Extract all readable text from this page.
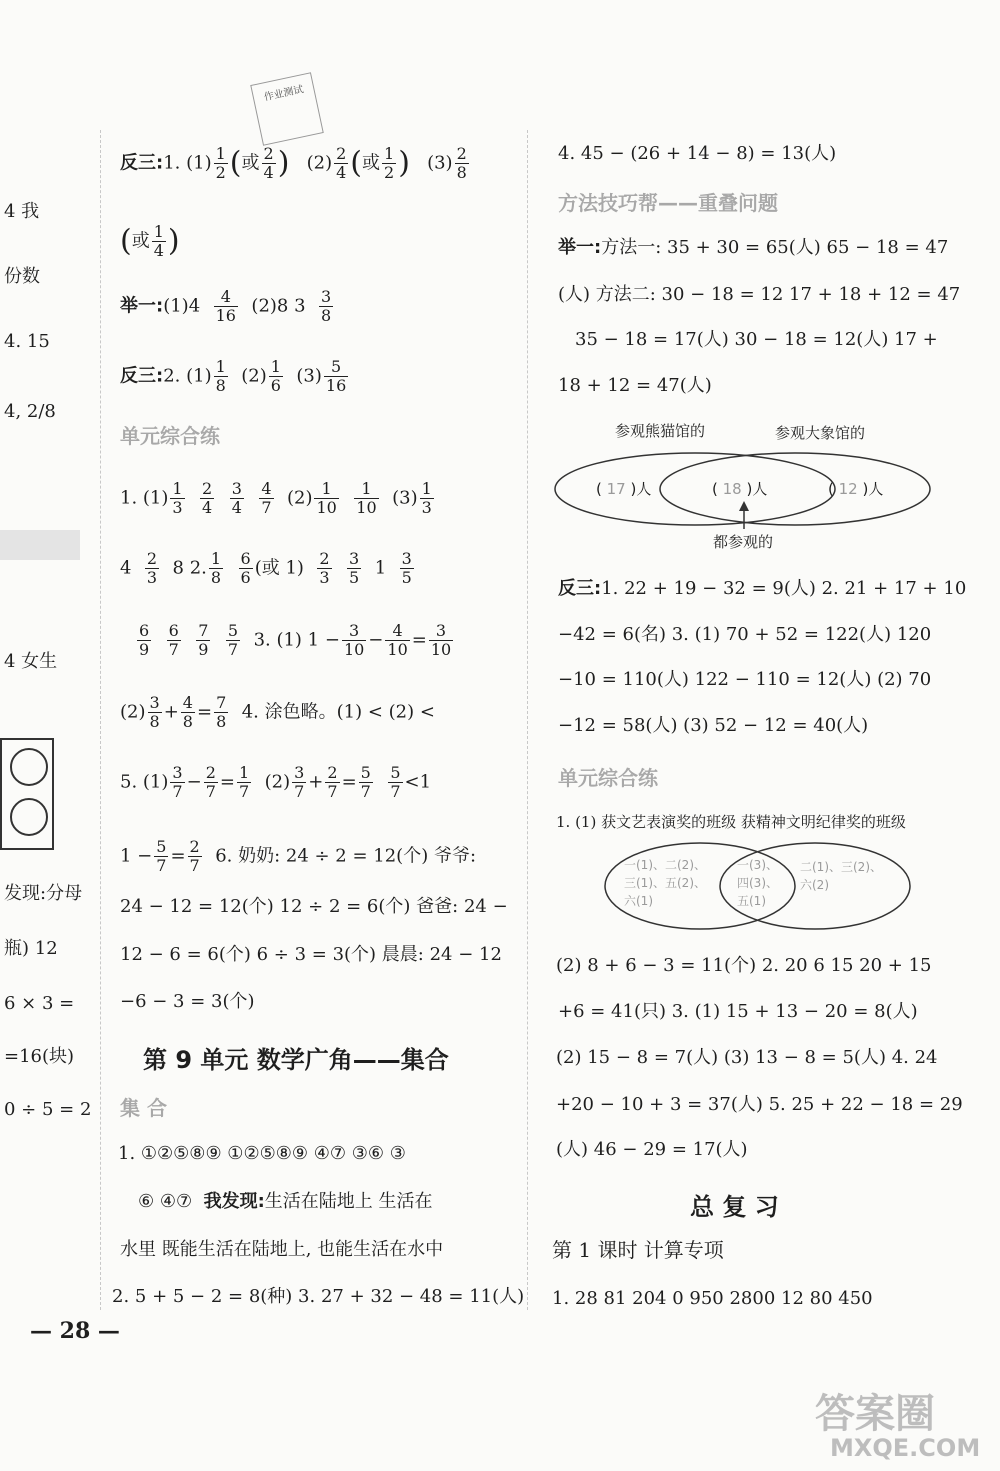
作业测试
4 我
份数
4. 15
4, 2/8
4 女生
发现:分母
瓶) 12
6 × 3 =
=16(块)
0 ÷ 5 = 2
反三:1. $(1) \frac{1}{2}$ (或 $\frac{2}{4}$ ) $(2) \frac{2}{4}$ (或 $\frac{1}{2}$ ) $(3) \frac{2}{8}$
(或 $\frac{1}{4}$ )
举一:(1)4 $\frac{4}{16} (2)8$ $3 \frac{3}{8}$
反三:2. $(1) \frac{1}{8} (2) \frac{1}{6} (3) \frac{5}{16}$
单元综合练
1. $(1) \frac{1}{3}$
$\frac{2}{4}$
$\frac{3}{4}$
$\frac{4}{7} (2) \frac{1}{10}$
$\frac{1}{10} (3) \frac{1}{3}$
$4 \frac{2}{3} 8$ 2. $\frac{1}{8}$
$\frac{6}{6}$ (或 $1) \frac{2}{3}$
$\frac{3}{5} 1 \frac{3}{5}$
$\frac{6}{9}$
$\frac{6}{7}$
$\frac{7}{9}$
$\frac{5}{7} 3$. (1) $1 - \frac{3}{10} - \frac{4}{10} = \frac{3}{10}$
$(2) \frac{3}{8} + \frac{4}{8} = \frac{7}{8} 4$. 涂色略。(1) < (2) <
5. $(1) \frac{3}{7} - \frac{2}{7} = \frac{1}{7} (2) \frac{3}{7} + \frac{2}{7} = \frac{5}{7}$
$\frac{5}{7} <1$
$1 - \frac{5}{7} = \frac{2}{7} 6$. 奶奶: 24 ÷ 2 = 12(个) 爷爷:
24 − 12 = 12(个) 12 ÷ 2 = 6(个) 爸爸: 24 −
12 − 6 = 6(个) 6 ÷ 3 = 3(个) 晨晨: 24 − 12
−6 − 3 = 3(个)
第 9 单元 数学广角——集合
集 合
1. ①②⑤⑧⑨ ①②⑤⑧⑨ ④⑦ ③⑥ ③
⑥ ④⑦ 我发现:生活在陆地上 生活在
水里 既能生活在陆地上, 也能生活在水中
2. 5 + 5 − 2 = 8(种) 3. 27 + 32 − 48 = 11(人)
4. 45 − (26 + 14 − 8) = 13(人)
方法技巧帮——重叠问题
举一:方法一: 35 + 30 = 65(人) 65 − 18 = 47
(人) 方法二: 30 − 18 = 12 17 + 18 + 12 = 47
35 − 18 = 17(人) 30 − 18 = 12(人) 17 +
18 + 12 = 47(人)
参观熊猫馆的	参观大象馆的
( 17 )人	( 18 )人	( 12 )人
都参观的
反三:1. 22 + 19 − 32 = 9(人) 2. 21 + 17 + 10
−42 = 6(名) 3. (1) 70 + 52 = 122(人) 120
−10 = 110(人) 122 − 110 = 12(人) (2) 70
−12 = 58(人) (3) 52 − 12 = 40(人)
单元综合练
1. (1) 获文艺表演奖的班级 获精神文明纪律奖的班级
一(1)、二(2)、
三(1)、五(2)、
六(1)
一(3)、
四(3)、
五(1)
二(1)、三(2)、
六(2)
(2) 8 + 6 − 3 = 11(个) 2. 20 6 15 20 + 15
+6 = 41(只) 3. (1) 15 + 13 − 20 = 8(人)
(2) 15 − 8 = 7(人) (3) 13 − 8 = 5(人) 4. 24
+20 − 10 + 3 = 37(人) 5. 25 + 22 − 18 = 29
(人) 46 − 29 = 17(人)
总 复 习
第 1 课时 计算专项
1. 28 81 204 0 950 2800 12 80 450
— 28 —
答案圈
MXQE.COM
